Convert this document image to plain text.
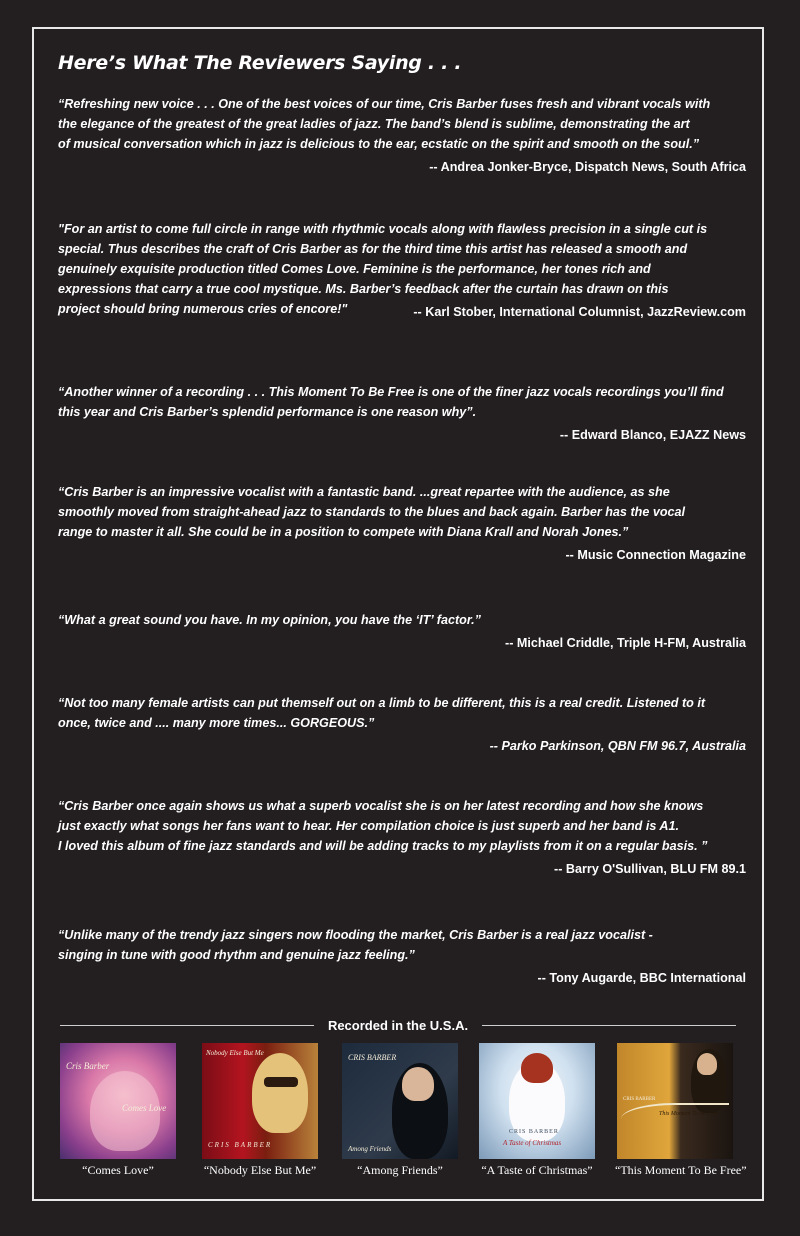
Here’s What The Reviewers Saying . . .

“Refreshing new voice . . . One of the best voices of our time, Cris Barber fuses fresh and vibrant vocals with
the elegance of the greatest of the great ladies of jazz. The band’s blend is sublime, demonstrating the art
of musical conversation which in jazz is delicious to the ear, ecstatic on the spirit and smooth on the soul.”

-- Andrea Jonker-Bryce, Dispatch News, South Africa

"For an artist to come full circle in range with rhythmic vocals along with flawless precision in a single cut is
special. Thus describes the craft of Cris Barber as for the third time this artist has released a smooth and
genuinely exquisite production titled Comes Love. Feminine is the performance, her tones rich and
expressions that carry a true cool mystique. Ms. Barber’s feedback after the curtain has drawn on this
project should bring numerous cries of encore!"	-- Karl Stober, International Columnist, JazzReview.com

“Another winner of a recording . . . This Moment To Be Free is one of the finer jazz vocals recordings you’ll find
this year and Cris Barber’s splendid performance is one reason why”.

-- Edward Blanco, EJAZZ News

“Cris Barber is an impressive vocalist with a fantastic band. ...great repartee with the audience, as she
smoothly moved from straight-ahead jazz to standards to the blues and back again. Barber has the vocal
range to master it all. She could be in a position to compete with Diana Krall and Norah Jones.”

-- Music Connection Magazine

“What a great sound you have. In my opinion, you have the ‘IT’ factor.”

-- Michael Criddle, Triple H-FM, Australia

“Not too many female artists can put themself out on a limb to be different, this is a real credit. Listened to it
once, twice and .... many more times... GORGEOUS.”

-- Parko Parkinson, QBN FM 96.7, Australia

“Cris Barber once again shows us what a superb vocalist she is on her latest recording and how she knows
just exactly what songs her fans want to hear. Her compilation choice is just superb and her band is A1.
I loved this album of fine jazz standards and will be adding tracks to my playlists from it on a regular basis. ”

-- Barry O'Sullivan, BLU FM 89.1

“Unlike many of the trendy jazz singers now flooding the market, Cris Barber is a real jazz vocalist -
singing in tune with good rhythm and genuine jazz feeling.”

-- Tony Augarde, BBC International
Recorded in the U.S.A.
Cris Barber
Comes Love
“Comes Love”
Nobody Else But Me
CRIS BARBER
“Nobody Else But Me”
CRIS BARBER
Among Friends
“Among Friends”
CRIS BARBER
A Taste of Christmas
“A Taste of Christmas”
CRIS BARBER
This Moment To Be Free
“This Moment To Be Free”
